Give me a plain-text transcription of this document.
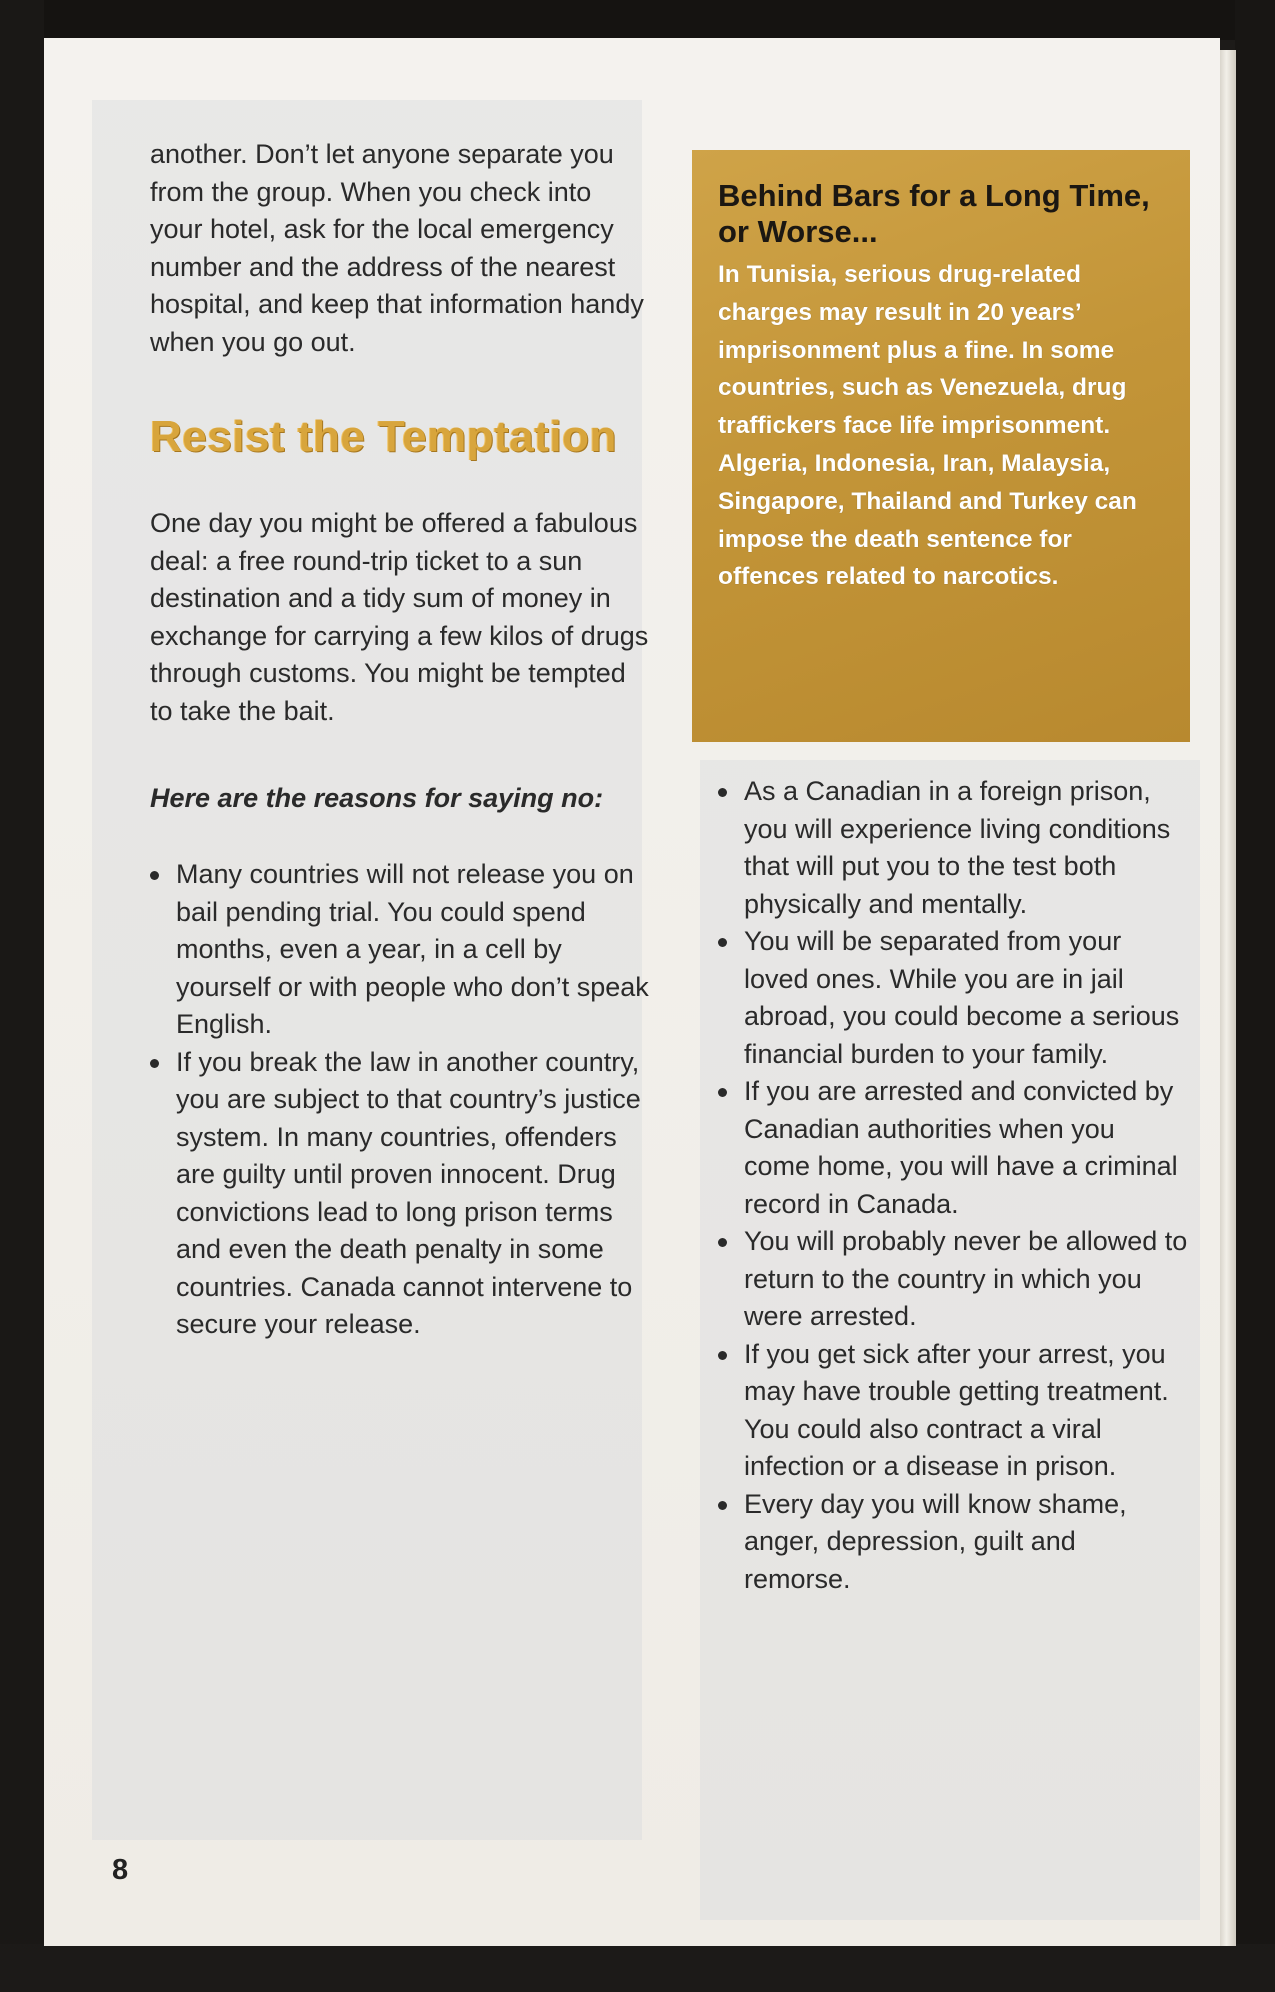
another. Don’t let anyone separate you from the group. When you check into your hotel, ask for the local emergency number and the address of the nearest hospital, and keep that information handy when you go out.

Resist the Temptation

One day you might be offered a fabulous deal: a free round-trip ticket to a sun destination and a tidy sum of money in exchange for carrying a few kilos of drugs through customs. You might be tempted to take the bait.

Here are the reasons for saying no:
Many countries will not release you on bail pending trial. You could spend months, even a year, in a cell by yourself or with people who don’t speak English.
If you break the law in another country, you are subject to that country’s justice system. In many countries, offenders are guilty until proven innocent. Drug convictions lead to long prison terms and even the death penalty in some countries. Canada cannot intervene to secure your release.
Behind Bars for a Long Time, or Worse...

In Tunisia, serious drug-related charges may result in 20 years’ imprisonment plus a fine. In some countries, such as Venezuela, drug traffickers face life imprisonment. Algeria, Indonesia, Iran, Malaysia, Singapore, Thailand and Turkey can impose the death sentence for offences related to narcotics.

As a Canadian in a foreign prison, you will experience living conditions that will put you to the test both physically and mentally.
You will be separated from your loved ones. While you are in jail abroad, you could become a serious financial burden to your family.
If you are arrested and convicted by Canadian authorities when you come home, you will have a criminal record in Canada.
You will probably never be allowed to return to the country in which you were arrested.
If you get sick after your arrest, you may have trouble getting treatment. You could also contract a viral infection or a disease in prison.
Every day you will know shame, anger, depression, guilt and remorse.
8
